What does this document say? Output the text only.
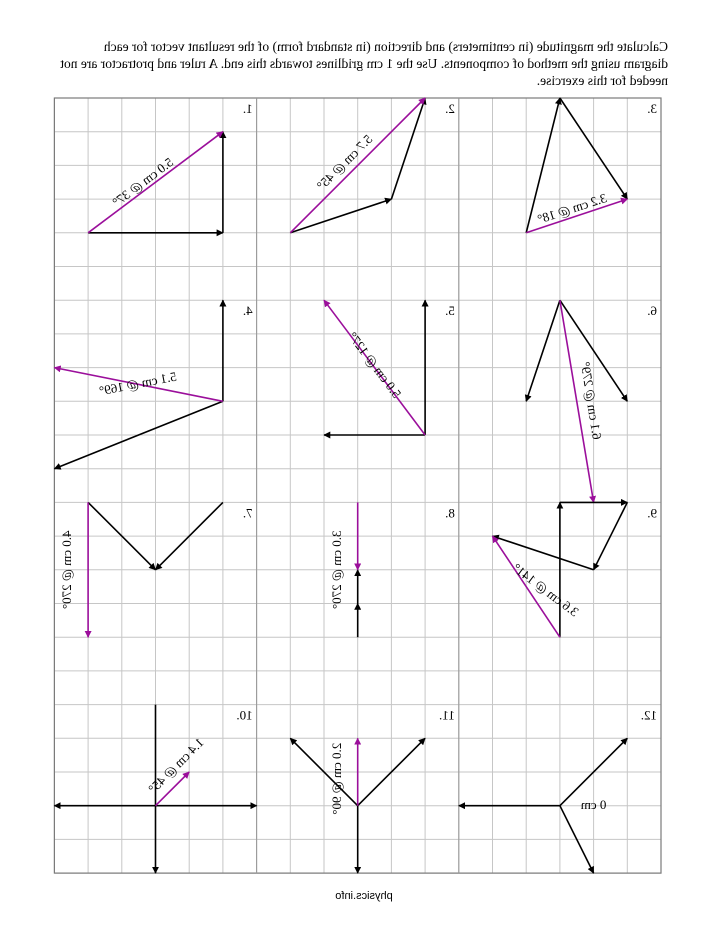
Calculate the magnitude (in centimeters) and direction (in standard form) of the resultant vector for each diagram using the method of components. Use the 1 cm gridlines towards this end. A ruler and protractor are not needed for this exercise.

1.	2.	3.
4.	5.	6.
7.	8.	9.
10.	11.	12.
5.0 cm @ 37°	5.7 cm @ 45°
3.2 cm @ 18°
5.1 cm @ 169°	5.0 cm @ 127°	6.1 cm @ 279°
4.0 cm @ 270°	3.0 cm @ 270°	3.6 cm @ 141°
1.4 cm @ 45°	2.0 cm @ 90°	0 cm
physics.info
